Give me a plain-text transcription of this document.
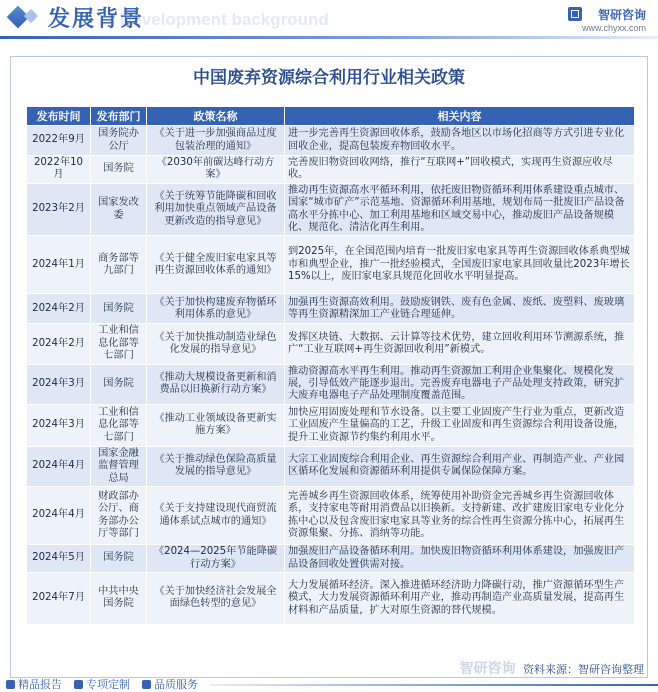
Development background
发展背景	智研咨询
www.chyxx.com
中国废弃资源综合利用行业相关政策
发布时间	发布部门	政策名称	相关内容
2022年9月	国务院办公厅	《关于进一步加强商品过度包装治理的通知》	进一步完善再生资源回收体系，鼓励各地区以市场化招商等方式引进专业化回收企业，提高包装废弃物回收水平。
2022年10月	国务院	《2030年前碳达峰行动方案》	完善废旧物资回收网络，推行“互联网+”回收模式，实现再生资源应收尽收。
2023年2月	国家发改委	《关于统筹节能降碳和回收利用加快重点领域产品设备更新改造的指导意见》	推动再生资源高水平循环利用，依托废旧物资循环利用体系建设重点城市、国家“城市矿产”示范基地、资源循环利用基地，规划布局一批废旧产品设备高水平分拣中心、加工利用基地和区域交易中心，推动废旧产品设备规模化、规范化、清洁化再生利用。
2024年1月	商务部等九部门	《关于健全废旧家电家具等再生资源回收体系的通知》	到2025年，在全国范围内培育一批废旧家电家具等再生资源回收体系典型城市和典型企业，推广一批经验模式，全国废旧家电家具回收量比2023年增长15%以上，废旧家电家具规范化回收水平明显提高。
2024年2月	国务院	《关于加快构建废弃物循环利用体系的意见》	加强再生资源高效利用。鼓励废钢铁、废有色金属、废纸、废塑料、废玻璃等再生资源精深加工产业链合理延伸。
2024年2月	工业和信息化部等七部门	《关于加快推动制造业绿色化发展的指导意见》	发挥区块链、大数据、云计算等技术优势，建立回收利用环节溯源系统，推广“工业互联网+再生资源回收利用”新模式。
2024年3月	国务院	《推动大规模设备更新和消费品以旧换新行动方案》	推动资源高水平再生利用。推动再生资源加工利用企业集聚化、规模化发展，引导低效产能逐步退出。完善废弃电器电子产品处理支持政策，研究扩大废弃电器电子产品处理制度覆盖范围。
2024年3月	工业和信息化部等七部门	《推动工业领域设备更新实施方案》	加快应用固废处理和节水设备。以主要工业固废产生行业为重点，更新改造工业固废产生量偏高的工艺，升级工业固废和再生资源综合利用设备设施，提升工业资源节约集约利用水平。
2024年4月	国家金融监督管理总局	《关于推动绿色保险高质量发展的指导意见》	大宗工业固废综合利用企业、再生资源综合利用产业、再制造产业、产业园区循环化发展和资源循环利用提供专属保险保障方案。
2024年4月	财政部办公厅、商务部办公厅等部门	《关于支持建设现代商贸流通体系试点城市的通知》	完善城乡再生资源回收体系，统筹使用补助资金完善城乡再生资源回收体系，支持家电等耐用消费品以旧换新。支持新建、改扩建废旧家电专业化分拣中心以及包含废旧家电家具等业务的综合性再生资源分拣中心，拓展再生资源集聚、分拣、消纳等功能。
2024年5月	国务院	《2024—2025年节能降碳行动方案》	加强废旧产品设备循环利用。加快废旧物资循环利用体系建设，加强废旧产品设备回收处置供需对接。
2024年7月	中共中央国务院	《关于加快经济社会发展全面绿色转型的意见》	大力发展循环经济。深入推进循环经济助力降碳行动，推广资源循环型生产模式，大力发展资源循环利用产业，推动再制造产业高质量发展，提高再生材料和产品质量，扩大对原生资源的替代规模。
智研咨询 资料来源：智研咨询整理
精品报告	专项定制	品质服务
